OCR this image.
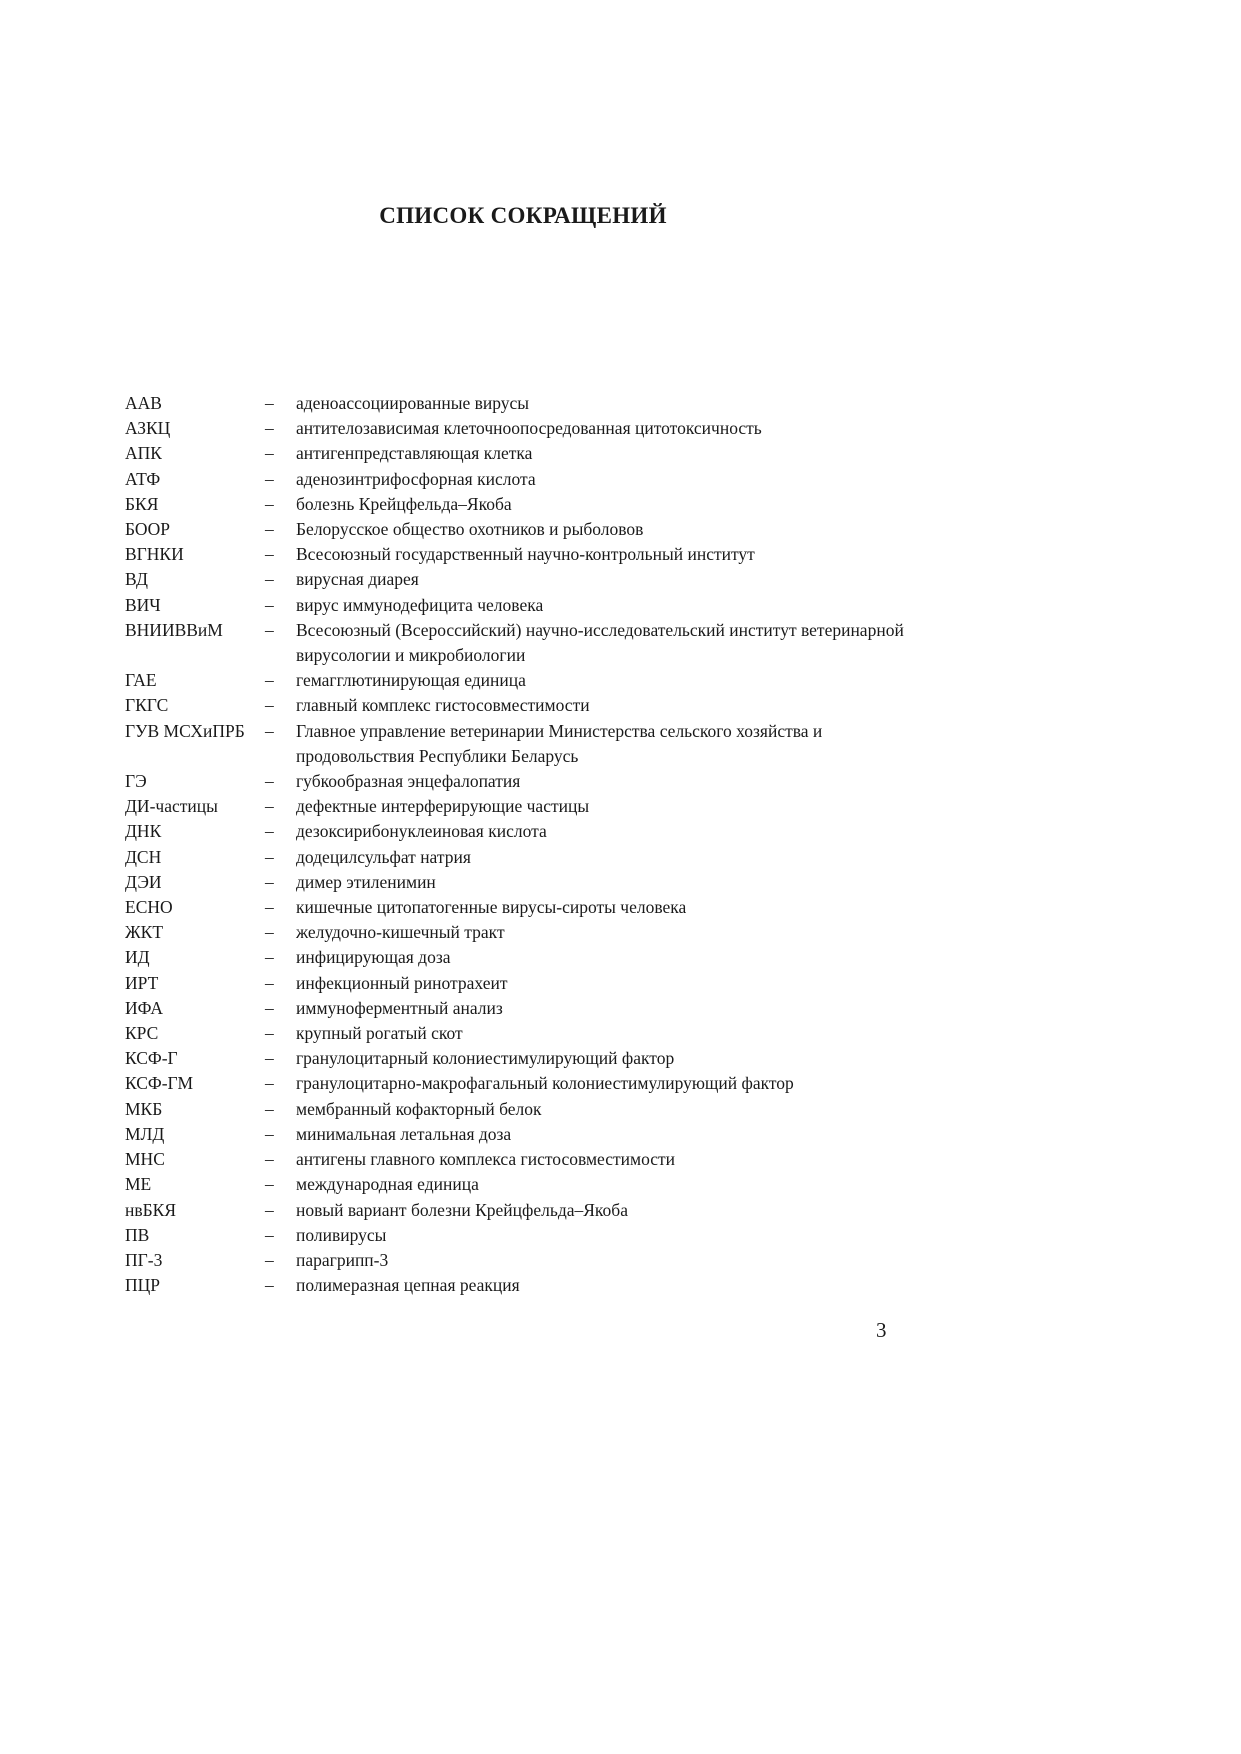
СПИСОК СОКРАЩЕНИЙ
ААВ	–	аденоассоциированные вирусы
АЗКЦ	–	антителозависимая клеточноопосредованная цитотоксичность
АПК	–	антигенпредставляющая клетка
АТФ	–	аденозинтрифосфорная кислота
БКЯ	–	болезнь Крейцфельда–Якоба
БООР	–	Белорусское общество охотников и рыболовов
ВГНКИ	–	Всесоюзный государственный научно-контрольный институт
ВД	–	вирусная диарея
ВИЧ	–	вирус иммунодефицита человека
ВНИИВВиМ	–	Всесоюзный (Всероссийский) научно-исследовательский институт ветеринарной вирусологии и микробиологии
ГАЕ	–	гемагглютинирующая единица
ГКГС	–	главный комплекс гистосовместимости
ГУВ МСХиПРБ	–	Главное управление ветеринарии Министерства сельского хозяйства и продовольствия Республики Беларусь
ГЭ	–	губкообразная энцефалопатия
ДИ-частицы	–	дефектные интерферирующие частицы
ДНК	–	дезоксирибонуклеиновая кислота
ДСН	–	додецилсульфат натрия
ДЭИ	–	димер этиленимин
ECHO	–	кишечные цитопатогенные вирусы-сироты человека
ЖКТ	–	желудочно-кишечный тракт
ИД	–	инфицирующая доза
ИРТ	–	инфекционный ринотрахеит
ИФА	–	иммуноферментный анализ
КРС	–	крупный рогатый скот
КСФ-Г	–	гранулоцитарный колониестимулирующий фактор
КСФ-ГМ	–	гранулоцитарно-макрофагальный колониестимулирующий фактор
МКБ	–	мембранный кофакторный белок
МЛД	–	минимальная летальная доза
МНС	–	антигены главного комплекса гистосовместимости
МЕ	–	международная единица
нвБКЯ	–	новый вариант болезни Крейцфельда–Якоба
ПВ	–	поливирусы
ПГ-3	–	парагрипп-3
ПЦР	–	полимеразная цепная реакция
3
